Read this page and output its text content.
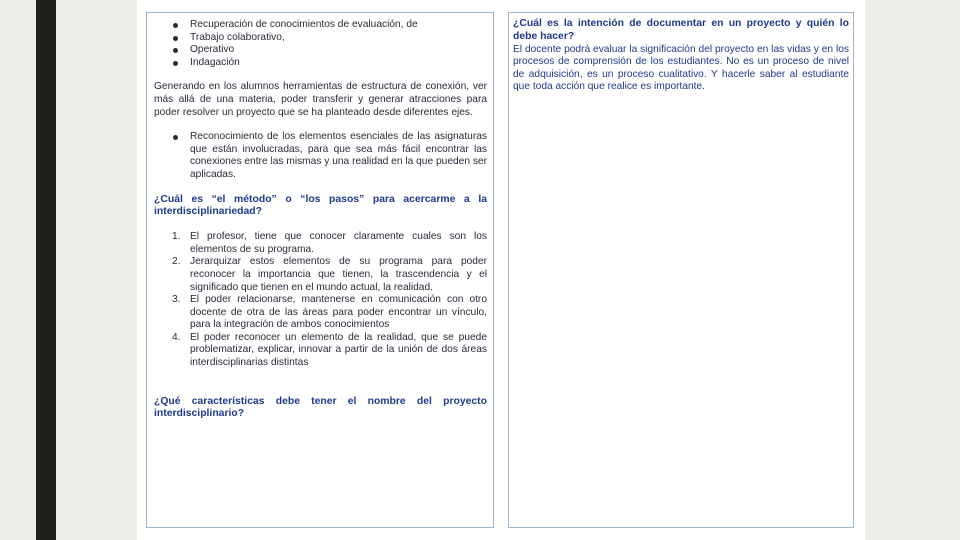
Recuperación de conocimientos de evaluación, de
Trabajo colaborativo,
Operativo
Indagación
Generando en los alumnos herramientas de estructura de conexión, ver más allá de una materia, poder transferir y generar atracciones para poder resolver un proyecto que se ha planteado desde diferentes ejes.
Reconocimiento de los elementos esenciales de las asignaturas que están involucradas, para que sea más fácil encontrar las conexiones entre las mismas y una realidad en la que pueden ser aplicadas.
¿Cuál es “el método” o “los pasos” para acercarme a la interdisciplinariedad?
1. El profesor, tiene que conocer claramente cuales son los elementos de su programa.
2. Jerarquizar estos elementos de su programa para poder reconocer la importancia que tienen, la trascendencia y el significado que tienen en el mundo actual, la realidad.
3. El poder relacionarse, mantenerse en comunicación con otro docente de otra de las áreas para poder encontrar un vínculo, para la integración de ambos conocimientos
4. El poder reconocer un elemento de la realidad, que se puede problematizar, explicar, innovar a partir de la unión de dos áreas interdisciplinarias distintas
¿Qué características debe tener el nombre del proyecto interdisciplinario?
¿Cuál es la intención de documentar en un proyecto y quién lo debe hacer?
El docente podrá evaluar la significación del proyecto en las vidas y en los procesos de comprensión de los estudiantes. No es un proceso de nivel de adquisición, es un proceso cualitativo. Y hacerle saber al estudiante que toda acción que realice es importante.
